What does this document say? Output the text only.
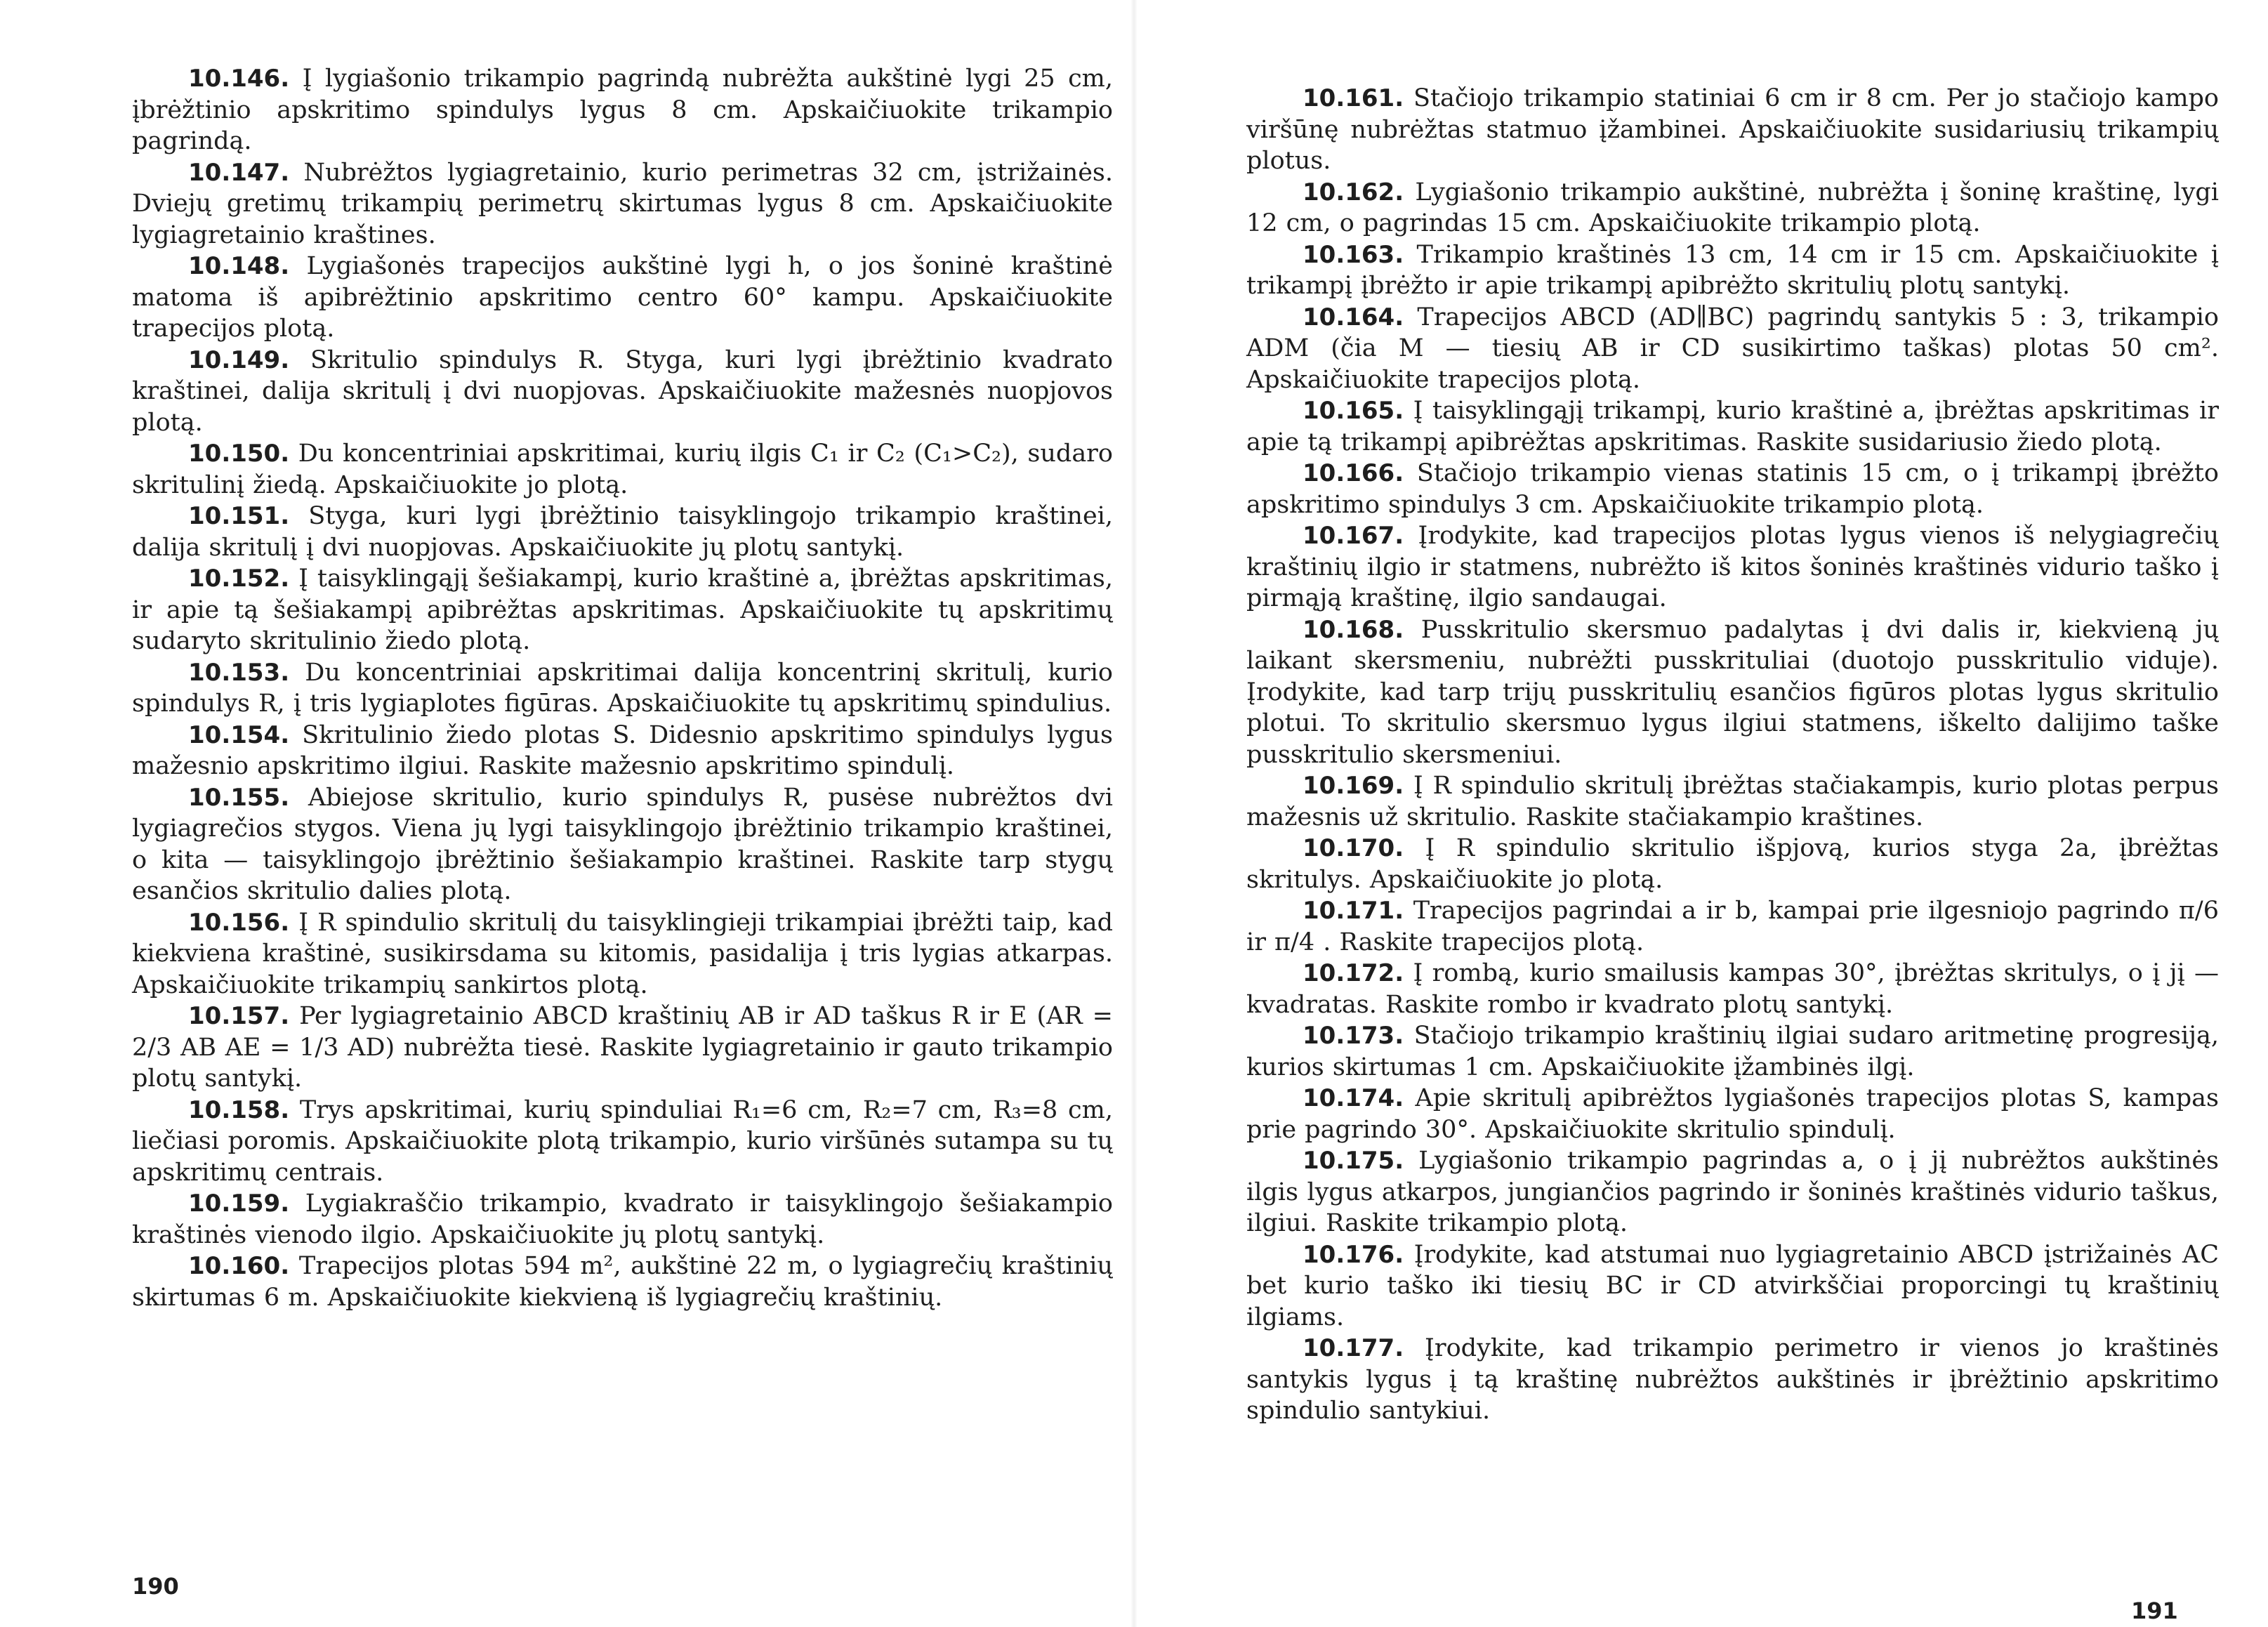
10.146. Į lygiašonio trikampio pagrindą nubrėžta aukštinė lygi 25 cm, įbrėžtinio apskritimo spindulys lygus 8 cm. Apskaičiuokite trikampio pagrindą.

10.147. Nubrėžtos lygiagretainio, kurio perimetras 32 cm, įstrižainės. Dviejų gretimų trikampių perimetrų skirtumas lygus 8 cm. Apskaičiuokite lygiagretainio kraštines.

10.148. Lygiašonės trapecijos aukštinė lygi h, o jos šoninė kraštinė matoma iš apibrėžtinio apskritimo centro 60° kampu. Apskaičiuokite trapecijos plotą.

10.149. Skritulio spindulys R. Styga, kuri lygi įbrėžtinio kvadrato kraštinei, dalija skritulį į dvi nuopjovas. Apskaičiuokite mažesnės nuopjovos plotą.

10.150. Du koncentriniai apskritimai, kurių ilgis C₁ ir C₂ (C₁>C₂), sudaro skritulinį žiedą. Apskaičiuokite jo plotą.

10.151. Styga, kuri lygi įbrėžtinio taisyklingojo trikampio kraštinei, dalija skritulį į dvi nuopjovas. Apskaičiuokite jų plotų santykį.

10.152. Į taisyklingąjį šešiakampį, kurio kraštinė a, įbrėžtas apskritimas, ir apie tą šešiakampį apibrėžtas apskritimas. Apskaičiuokite tų apskritimų sudaryto skritulinio žiedo plotą.

10.153. Du koncentriniai apskritimai dalija koncentrinį skritulį, kurio spindulys R, į tris lygiaplotes figūras. Apskaičiuokite tų apskritimų spindulius.

10.154. Skritulinio žiedo plotas S. Didesnio apskritimo spindulys lygus mažesnio apskritimo ilgiui. Raskite mažesnio apskritimo spindulį.

10.155. Abiejose skritulio, kurio spindulys R, pusėse nubrėžtos dvi lygiagrečios stygos. Viena jų lygi taisyklingojo įbrėžtinio trikampio kraštinei, o kita — taisyklingojo įbrėžtinio šešiakampio kraštinei. Raskite tarp stygų esančios skritulio dalies plotą.

10.156. Į R spindulio skritulį du taisyklingieji trikampiai įbrėžti taip, kad kiekviena kraštinė, susikirsdama su kitomis, pasidalija į tris lygias atkarpas. Apskaičiuokite trikampių sankirtos plotą.

10.157. Per lygiagretainio ABCD kraštinių AB ir AD taškus R ir E (AR = 2/3 AB AE = 1/3 AD) nubrėžta tiesė. Raskite lygiagretainio ir gauto trikampio plotų santykį.

10.158. Trys apskritimai, kurių spinduliai R₁=6 cm, R₂=7 cm, R₃=8 cm, liečiasi poromis. Apskaičiuokite plotą trikampio, kurio viršūnės sutampa su tų apskritimų centrais.

10.159. Lygiakraščio trikampio, kvadrato ir taisyklingojo šešiakampio kraštinės vienodo ilgio. Apskaičiuokite jų plotų santykį.

10.160. Trapecijos plotas 594 m², aukštinė 22 m, o lygiagrečių kraštinių skirtumas 6 m. Apskaičiuokite kiekvieną iš lygiagrečių kraštinių.

190

10.161. Stačiojo trikampio statiniai 6 cm ir 8 cm. Per jo stačiojo kampo viršūnę nubrėžtas statmuo įžambinei. Apskaičiuokite susidariusių trikampių plotus.

10.162. Lygiašonio trikampio aukštinė, nubrėžta į šoninę kraštinę, lygi 12 cm, o pagrindas 15 cm. Apskaičiuokite trikampio plotą.

10.163. Trikampio kraštinės 13 cm, 14 cm ir 15 cm. Apskaičiuokite į trikampį įbrėžto ir apie trikampį apibrėžto skritulių plotų santykį.

10.164. Trapecijos ABCD (AD∥BC) pagrindų santykis 5 : 3, trikampio ADM (čia M — tiesių AB ir CD susikirtimo taškas) plotas 50 cm². Apskaičiuokite trapecijos plotą.

10.165. Į taisyklingąjį trikampį, kurio kraštinė a, įbrėžtas apskritimas ir apie tą trikampį apibrėžtas apskritimas. Raskite susidariusio žiedo plotą.

10.166. Stačiojo trikampio vienas statinis 15 cm, o į trikampį įbrėžto apskritimo spindulys 3 cm. Apskaičiuokite trikampio plotą.

10.167. Įrodykite, kad trapecijos plotas lygus vienos iš nelygiagrečių kraštinių ilgio ir statmens, nubrėžto iš kitos šoninės kraštinės vidurio taško į pirmąją kraštinę, ilgio sandaugai.

10.168. Pusskritulio skersmuo padalytas į dvi dalis ir, kiekvieną jų laikant skersmeniu, nubrėžti pusskrituliai (duotojo pusskritulio viduje). Įrodykite, kad tarp trijų pusskritulių esančios figūros plotas lygus skritulio plotui. To skritulio skersmuo lygus ilgiui statmens, iškelto dalijimo taške pusskritulio skersmeniui.

10.169. Į R spindulio skritulį įbrėžtas stačiakampis, kurio plotas perpus mažesnis už skritulio. Raskite stačiakampio kraštines.

10.170. Į R spindulio skritulio išpjovą, kurios styga 2a, įbrėžtas skritulys. Apskaičiuokite jo plotą.

10.171. Trapecijos pagrindai a ir b, kampai prie ilgesniojo pagrindo π/6 ir π/4 . Raskite trapecijos plotą.

10.172. Į rombą, kurio smailusis kampas 30°, įbrėžtas skritulys, o į jį — kvadratas. Raskite rombo ir kvadrato plotų santykį.

10.173. Stačiojo trikampio kraštinių ilgiai sudaro aritmetinę progresiją, kurios skirtumas 1 cm. Apskaičiuokite įžambinės ilgį.

10.174. Apie skritulį apibrėžtos lygiašonės trapecijos plotas S, kampas prie pagrindo 30°. Apskaičiuokite skritulio spindulį.

10.175. Lygiašonio trikampio pagrindas a, o į jį nubrėžtos aukštinės ilgis lygus atkarpos, jungiančios pagrindo ir šoninės kraštinės vidurio taškus, ilgiui. Raskite trikampio plotą.

10.176. Įrodykite, kad atstumai nuo lygiagretainio ABCD įstrižainės AC bet kurio taško iki tiesių BC ir CD atvirkščiai proporcingi tų kraštinių ilgiams.

10.177. Įrodykite, kad trikampio perimetro ir vienos jo kraštinės santykis lygus į tą kraštinę nubrėžtos aukštinės ir įbrėžtinio apskritimo spindulio santykiui.

191
